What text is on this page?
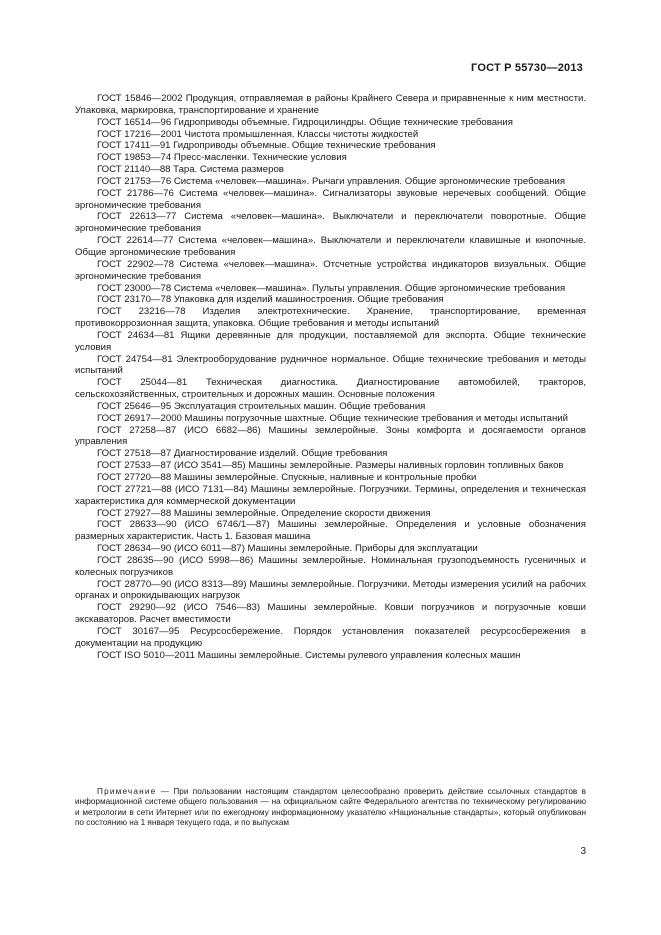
ГОСТ Р 55730—2013

ГОСТ 15846—2002 Продукция, отправляемая в районы Крайнего Севера и приравненные к ним местности. Упаковка, маркировка, транспортирование и хранение

ГОСТ 16514—96 Гидроприводы объемные. Гидроцилиндры. Общие технические требования

ГОСТ 17216—2001 Чистота промышленная. Классы чистоты жидкостей

ГОСТ 17411—91 Гидроприводы объемные. Общие технические требования

ГОСТ 19853—74 Пресс-масленки. Технические условия

ГОСТ 21140—88 Тара. Система размеров

ГОСТ 21753—76 Система «человек—машина». Рычаги управления. Общие эргономические требования

ГОСТ 21786—76 Система «человек—машина». Сигнализаторы звуковые неречевых сообщений. Общие эргономические требования

ГОСТ 22613—77 Система «человек—машина». Выключатели и переключатели поворотные. Общие эргономические требования

ГОСТ 22614—77 Система «человек—машина». Выключатели и переключатели клавишные и кнопочные. Общие эргономические требования

ГОСТ 22902—78 Система «человек—машина». Отсчетные устройства индикаторов визуальных. Общие эргономические требования

ГОСТ 23000—78 Система «человек—машина». Пульты управления. Общие эргономические требования

ГОСТ 23170—78 Упаковка для изделий машиностроения. Общие требования

ГОСТ 23216—78 Изделия электротехнические. Хранение, транспортирование, временная противокоррозионная защита, упаковка. Общие требования и методы испытаний

ГОСТ 24634—81 Ящики деревянные для продукции, поставляемой для экспорта. Общие технические условия

ГОСТ 24754—81 Электрооборудование рудничное нормальное. Общие технические требования и методы испытаний

ГОСТ 25044—81 Техническая диагностика. Диагностирование автомобилей, тракторов, сельскохозяйственных, строительных и дорожных машин. Основные положения

ГОСТ 25646—95 Эксплуатация строительных машин. Общие требования

ГОСТ 26917—2000 Машины погрузочные шахтные. Общие технические требования и методы испытаний

ГОСТ 27258—87 (ИСО 6682—86) Машины землеройные. Зоны комфорта и досягаемости органов управления

ГОСТ 27518—87 Диагностирование изделий. Общие требования

ГОСТ 27533—87 (ИСО 3541—85) Машины землеройные. Размеры наливных горловин топливных баков

ГОСТ 27720—88 Машины землеройные. Спускные, наливные и контрольные пробки

ГОСТ 27721—88 (ИСО 7131—84) Машины землеройные. Погрузчики. Термины, определения и техническая характеристика для коммерческой документации

ГОСТ 27927—88 Машины землеройные. Определение скорости движения

ГОСТ 28633—90 (ИСО 6746/1—87) Машины землеройные. Определения и условные обозначения размерных характеристик. Часть 1. Базовая машина

ГОСТ 28634—90 (ИСО 6011—87) Машины землеройные. Приборы для эксплуатации

ГОСТ 28635—90 (ИСО 5998—86) Машины землеройные. Номинальная грузоподъемность гусеничных и колесных погрузчиков

ГОСТ 28770—90 (ИСО 8313—89) Машины землеройные. Погрузчики. Методы измерения усилий на рабочих органах и опрокидывающих нагрузок

ГОСТ 29290—92 (ИСО 7546—83) Машины землеройные. Ковши погрузчиков и погрузочные ковши экскаваторов. Расчет вместимости

ГОСТ 30167—95 Ресурсосбережение. Порядок установления показателей ресурсосбережения в документации на продукцию

ГОСТ ISO 5010—2011 Машины землеройные. Системы рулевого управления колесных машин

Примечание — При пользовании настоящим стандартом целесообразно проверить действие ссылочных стандартов в информационной системе общего пользования — на официальном сайте Федерального агентства по техническому регулированию и метрологии в сети Интернет или по ежегодному информационному указателю «Национальные стандарты», который опубликован по состоянию на 1 января текущего года, и по выпускам

3
